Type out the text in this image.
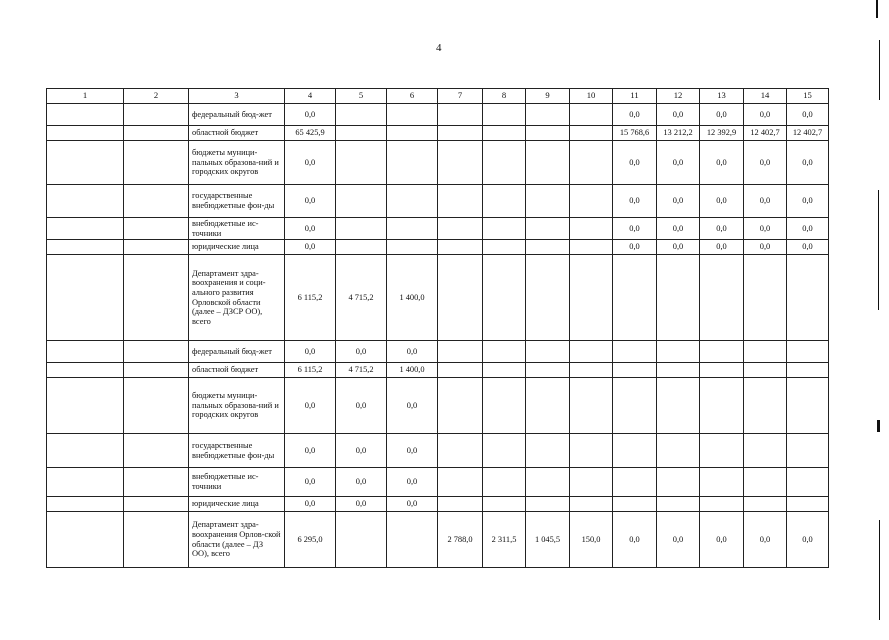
4
1	2	3	4	5	6	7	8	9	10	11	12	13	14	15
		федеральный бюд-жет	0,0							0,0	0,0	0,0	0,0	0,0
		областной бюджет	65 425,9							15 768,6	13 212,2	12 392,9	12 402,7	12 402,7
		бюджеты муници-пальных образова-ний и городских округов	0,0							0,0	0,0	0,0	0,0	0,0
		государственные внебюджетные фон-ды	0,0							0,0	0,0	0,0	0,0	0,0
		внебюджетные ис-точники	0,0							0,0	0,0	0,0	0,0	0,0
		юридические лица	0,0							0,0	0,0	0,0	0,0	0,0
		Департамент здра-воохранения и соци-ального развития Орловской области (далее – ДЗСР ОО), всего	6 115,2	4 715,2	1 400,0									
		федеральный бюд-жет	0,0	0,0	0,0									
		областной бюджет	6 115,2	4 715,2	1 400,0									
		бюджеты муници-пальных образова-ний и городских округов	0,0	0,0	0,0									
		государственные внебюджетные фон-ды	0,0	0,0	0,0									
		внебюджетные ис-точники	0,0	0,0	0,0									
		юридические лица	0,0	0,0	0,0									
		Департамент здра-воохранения Орлов-ской области (далее – ДЗ ОО), всего	6 295,0			2 788,0	2 311,5	1 045,5	150,0	0,0	0,0	0,0	0,0	0,0
